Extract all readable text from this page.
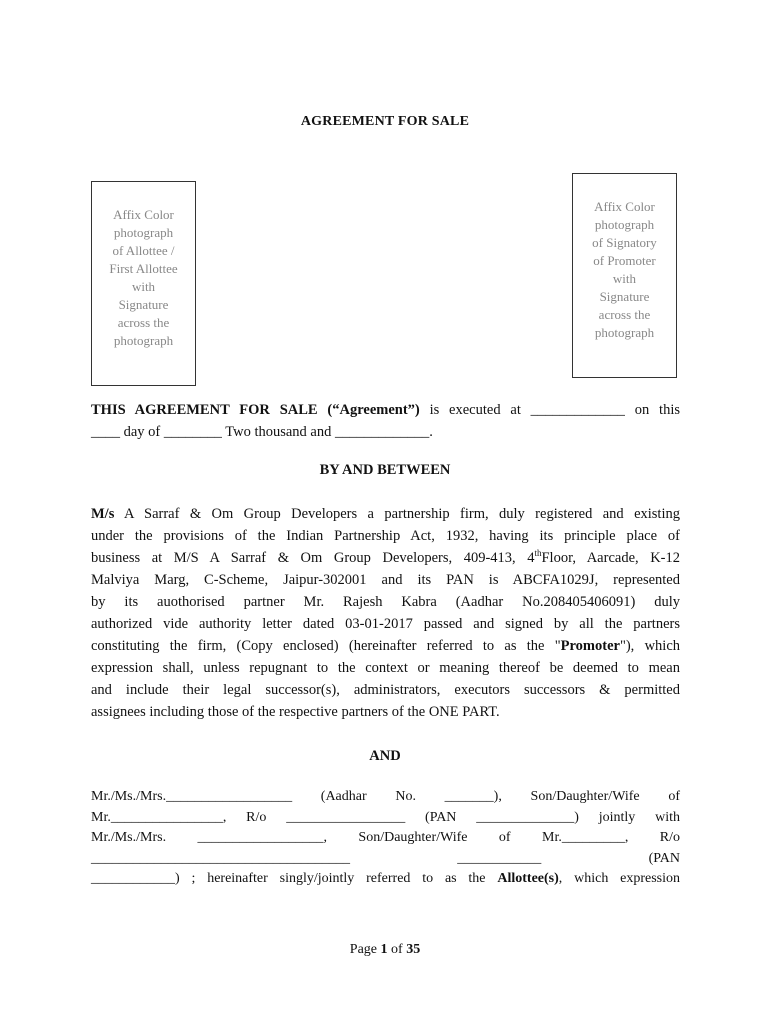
AGREEMENT FOR SALE
Affix Color
photograph
of Allottee /
First Allottee
with
Signature
across the
photograph
Affix Color
photograph
of Signatory
of Promoter
with
Signature
across the
photograph
THIS AGREEMENT FOR SALE (“Agreement”) is executed at _____________ on this
____ day of ________ Two thousand and _____________.
BY AND BETWEEN
M/s A Sarraf & Om Group Developers a partnership firm, duly registered and existing
under the provisions of the Indian Partnership Act, 1932, having its principle place of
business at M/S A Sarraf & Om Group Developers, 409-413, 4thFloor, Aarcade, K-12
Malviya Marg, C-Scheme, Jaipur-302001 and its PAN is ABCFA1029J, represented
by its auothorised partner Mr. Rajesh Kabra (Aadhar No.208405406091) duly
authorized vide authority letter dated 03-01-2017 passed and signed by all the partners
constituting the firm, (Copy enclosed) (hereinafter referred to as the "Promoter"), which
expression shall, unless repugnant to the context or meaning thereof be deemed to mean
and include their legal successor(s), administrators, executors successors & permitted
assignees including those of the respective partners of the ONE PART.
AND
Mr./Ms./Mrs.__________________ (Aadhar No. _______), Son/Daughter/Wife of
Mr.________________, R/o _________________ (PAN ______________) jointly with
Mr./Ms./Mrs. __________________, Son/Daughter/Wife of Mr._________, R/o
_____________________________________ ____________ (PAN
____________) ; hereinafter singly/jointly referred to as the Allottee(s), which expression
Page 1 of 35
